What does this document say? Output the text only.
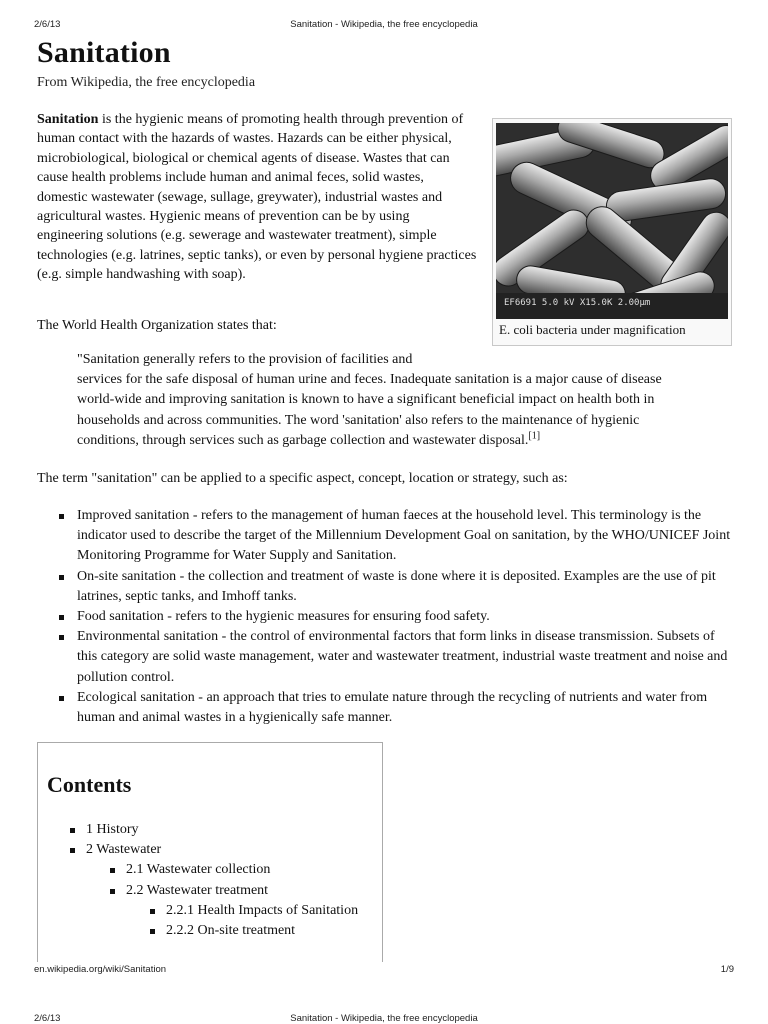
2/6/13	Sanitation - Wikipedia, the free encyclopedia
Sanitation
From Wikipedia, the free encyclopedia

Sanitation is the hygienic means of promoting health through prevention of human contact with the hazards of wastes. Hazards can be either physical, microbiological, biological or chemical agents of disease. Wastes that can cause health problems include human and animal feces, solid wastes, domestic wastewater (sewage, sullage, greywater), industrial wastes and agricultural wastes. Hygienic means of prevention can be by using engineering solutions (e.g. sewerage and wastewater treatment), simple technologies (e.g. latrines, septic tanks), or even by personal hygiene practices (e.g. simple handwashing with soap).

EF6691 5.0 kV X15.0K 2.00µm
E. coli bacteria under magnification

The World Health Organization states that:

"Sanitation generally refers to the provision of facilities and
services for the safe disposal of human urine and feces. Inadequate sanitation is a major cause of disease world-wide and improving sanitation is known to have a significant beneficial impact on health both in households and across communities. The word 'sanitation' also refers to the maintenance of hygienic conditions, through services such as garbage collection and wastewater disposal.[1]

The term "sanitation" can be applied to a specific aspect, concept, location or strategy, such as:

Improved sanitation - refers to the management of human faeces at the household level. This terminology is the indicator used to describe the target of the Millennium Development Goal on sanitation, by the WHO/UNICEF Joint Monitoring Programme for Water Supply and Sanitation.
On-site sanitation - the collection and treatment of waste is done where it is deposited. Examples are the use of pit latrines, septic tanks, and Imhoff tanks.
Food sanitation - refers to the hygienic measures for ensuring food safety.
Environmental sanitation - the control of environmental factors that form links in disease transmission. Subsets of this category are solid waste management, water and wastewater treatment, industrial waste treatment and noise and pollution control.
Ecological sanitation - an approach that tries to emulate nature through the recycling of nutrients and water from human and animal wastes in a hygienically safe manner.
Contents
1 History
2 Wastewater
2.1 Wastewater collection
2.2 Wastewater treatment
2.2.1 Health Impacts of Sanitation
2.2.2 On-site treatment
en.wikipedia.org/wiki/Sanitation	1/9
2/6/13	Sanitation - Wikipedia, the free encyclopedia
